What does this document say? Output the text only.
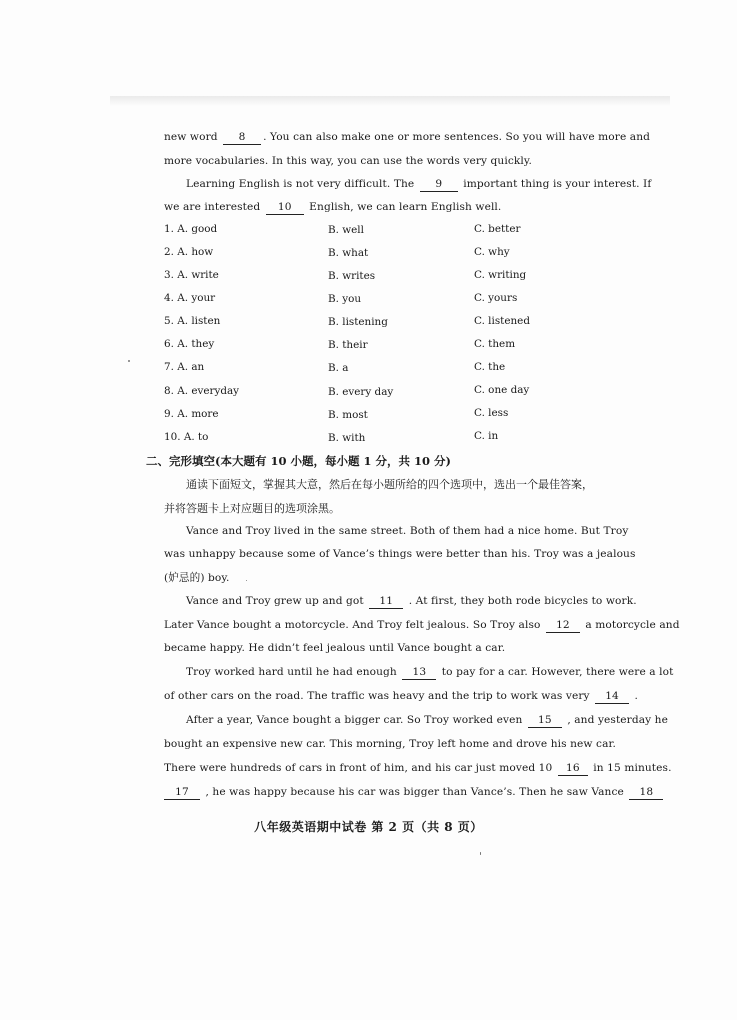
new word 8 . You can also make one or more sentences. So you will have more and
more vocabularies. In this way, you can use the words very quickly.
Learning English is not very difficult. The 9 important thing is your interest. If
we are interested 10 English, we can learn English well.
1. A. good	B. well	C. better
2. A. how	B. what	C. why
3. A. write	B. writes	C. writing
4. A. your	B. you	C. yours
5. A. listen	B. listening	C. listened
6. A. they	B. their	C. them
7. A. an	B. a	C. the
8. A. everyday	B. every day	C. one day
9. A. more	B. most	C. less
10. A. to	B. with	C. in
二、完形填空(本大题有 10 小题，每小题 1 分，共 10 分)
通读下面短文，掌握其大意，然后在每小题所给的四个选项中，选出一个最佳答案，
并将答题卡上对应题目的选项涂黑。
Vance and Troy lived in the same street. Both of them had a nice home. But Troy
was unhappy because some of Vance’s things were better than his. Troy was a jealous
(妒忌的) boy.
Vance and Troy grew up and got 11 . At first, they both rode bicycles to work.
Later Vance bought a motorcycle. And Troy felt jealous. So Troy also 12 a motorcycle and
became happy. He didn’t feel jealous until Vance bought a car.
Troy worked hard until he had enough 13 to pay for a car. However, there were a lot
of other cars on the road. The traffic was heavy and the trip to work was very 14 .
After a year, Vance bought a bigger car. So Troy worked even 15 , and yesterday he
bought an expensive new car. This morning, Troy left home and drove his new car.
There were hundreds of cars in front of him, and his car just moved 10 16 in 15 minutes.
17 , he was happy because his car was bigger than Vance’s. Then he saw Vance 18
八年级英语期中试卷 第 2 页（共 8 页）
